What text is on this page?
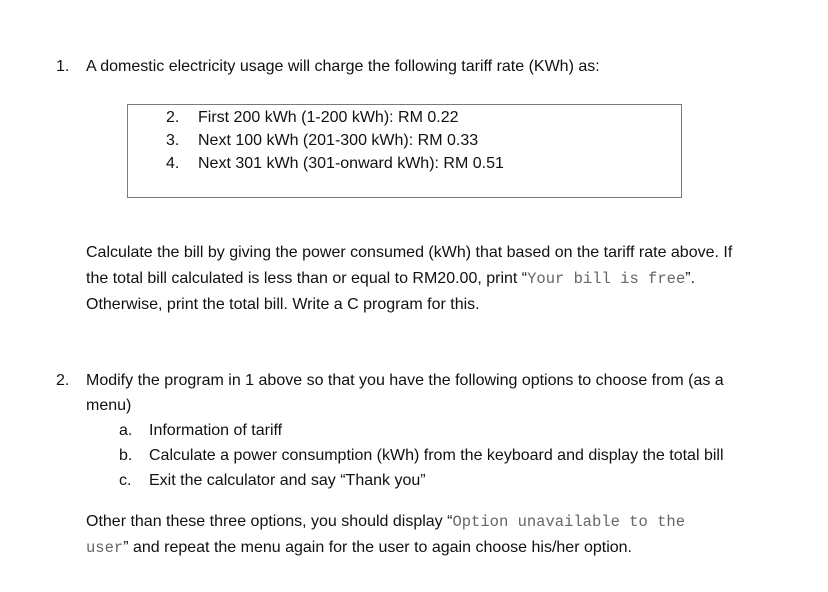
1. A domestic electricity usage will charge the following tariff rate (KWh) as:
2. First 200 kWh (1-200 kWh): RM 0.22
3. Next 100 kWh (201-300 kWh): RM 0.33
4. Next 301 kWh (301-onward kWh): RM 0.51
Calculate the bill by giving the power consumed (kWh) that based on the tariff rate above. If
the total bill calculated is less than or equal to RM20.00, print “Your bill is free”.
Otherwise, print the total bill. Write a C program for this.
2. Modify the program in 1 above so that you have the following options to choose from (as a
menu)
a. Information of tariff
b. Calculate a power consumption (kWh) from the keyboard and display the total bill
c. Exit the calculator and say “Thank you”
Other than these three options, you should display “Option unavailable to the
user” and repeat the menu again for the user to again choose his/her option.
